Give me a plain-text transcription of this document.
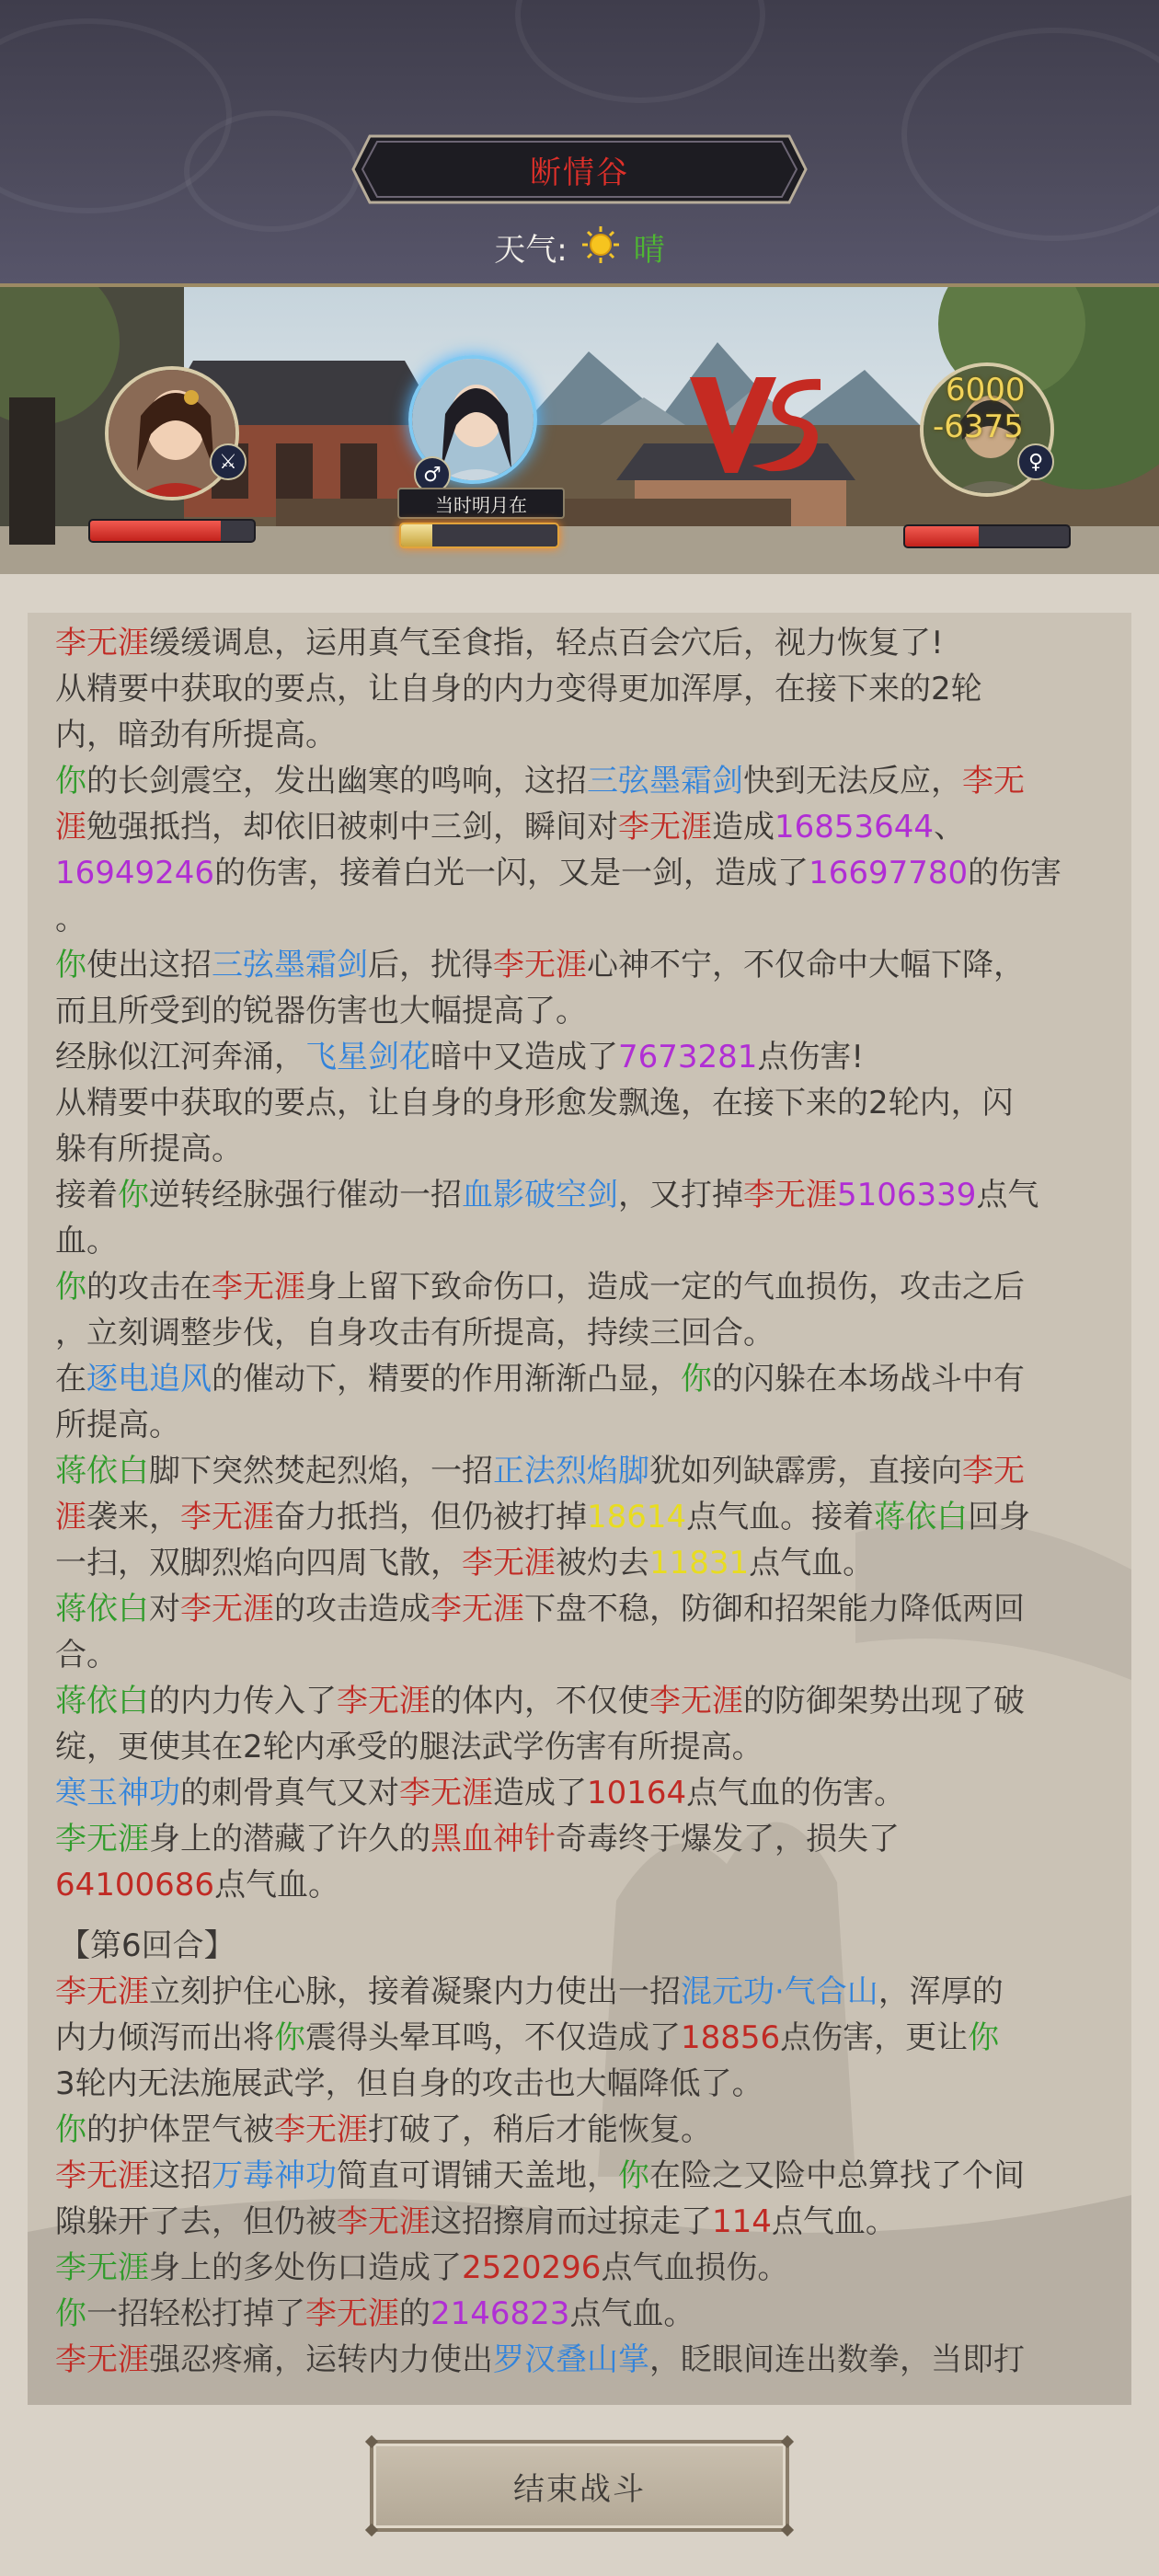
断情谷
天气: 晴
⚔
♂
当时明月在
6000
-6375
♀

李无涯缓缓调息，运用真气至食指，轻点百会穴后，视力恢复了!

从精要中获取的要点，让自身的内力变得更加浑厚，在接下来的2轮

内，暗劲有所提高。

你的长剑震空，发出幽寒的鸣响，这招三弦墨霜剑快到无法反应，李无

涯勉强抵挡，却依旧被刺中三剑，瞬间对李无涯造成16853644、

16949246的伤害，接着白光一闪，又是一剑，造成了16697780的伤害

。

你使出这招三弦墨霜剑后，扰得李无涯心神不宁，不仅命中大幅下降，

而且所受到的锐器伤害也大幅提高了。

经脉似江河奔涌，飞星剑花暗中又造成了7673281点伤害!

从精要中获取的要点，让自身的身形愈发飘逸，在接下来的2轮内，闪

躲有所提高。

接着你逆转经脉强行催动一招血影破空剑，又打掉李无涯5106339点气

血。

你的攻击在李无涯身上留下致命伤口，造成一定的气血损伤，攻击之后

，立刻调整步伐，自身攻击有所提高，持续三回合。

在逐电追风的催动下，精要的作用渐渐凸显，你的闪躲在本场战斗中有

所提高。

蒋依白脚下突然焚起烈焰，一招正法烈焰脚犹如列缺霹雳，直接向李无

涯袭来，李无涯奋力抵挡，但仍被打掉18614点气血。接着蒋依白回身

一扫，双脚烈焰向四周飞散，李无涯被灼去11831点气血。

蒋依白对李无涯的攻击造成李无涯下盘不稳，防御和招架能力降低两回

合。

蒋依白的内力传入了李无涯的体内，不仅使李无涯的防御架势出现了破

绽，更使其在2轮内承受的腿法武学伤害有所提高。

寒玉神功的刺骨真气又对李无涯造成了10164点气血的伤害。

李无涯身上的潜藏了许久的黑血神针奇毒终于爆发了，损失了

64100686点气血。

【第6回合】

李无涯立刻护住心脉，接着凝聚内力使出一招混元功·气合山，浑厚的

内力倾泻而出将你震得头晕耳鸣，不仅造成了18856点伤害，更让你

3轮内无法施展武学，但自身的攻击也大幅降低了。

你的护体罡气被李无涯打破了，稍后才能恢复。

李无涯这招万毒神功简直可谓铺天盖地，你在险之又险中总算找了个间

隙躲开了去，但仍被李无涯这招擦肩而过掠走了114点气血。

李无涯身上的多处伤口造成了2520296点气血损伤。

你一招轻松打掉了李无涯的2146823点气血。

李无涯强忍疼痛，运转内力使出罗汉叠山掌，眨眼间连出数拳，当即打

结束战斗
